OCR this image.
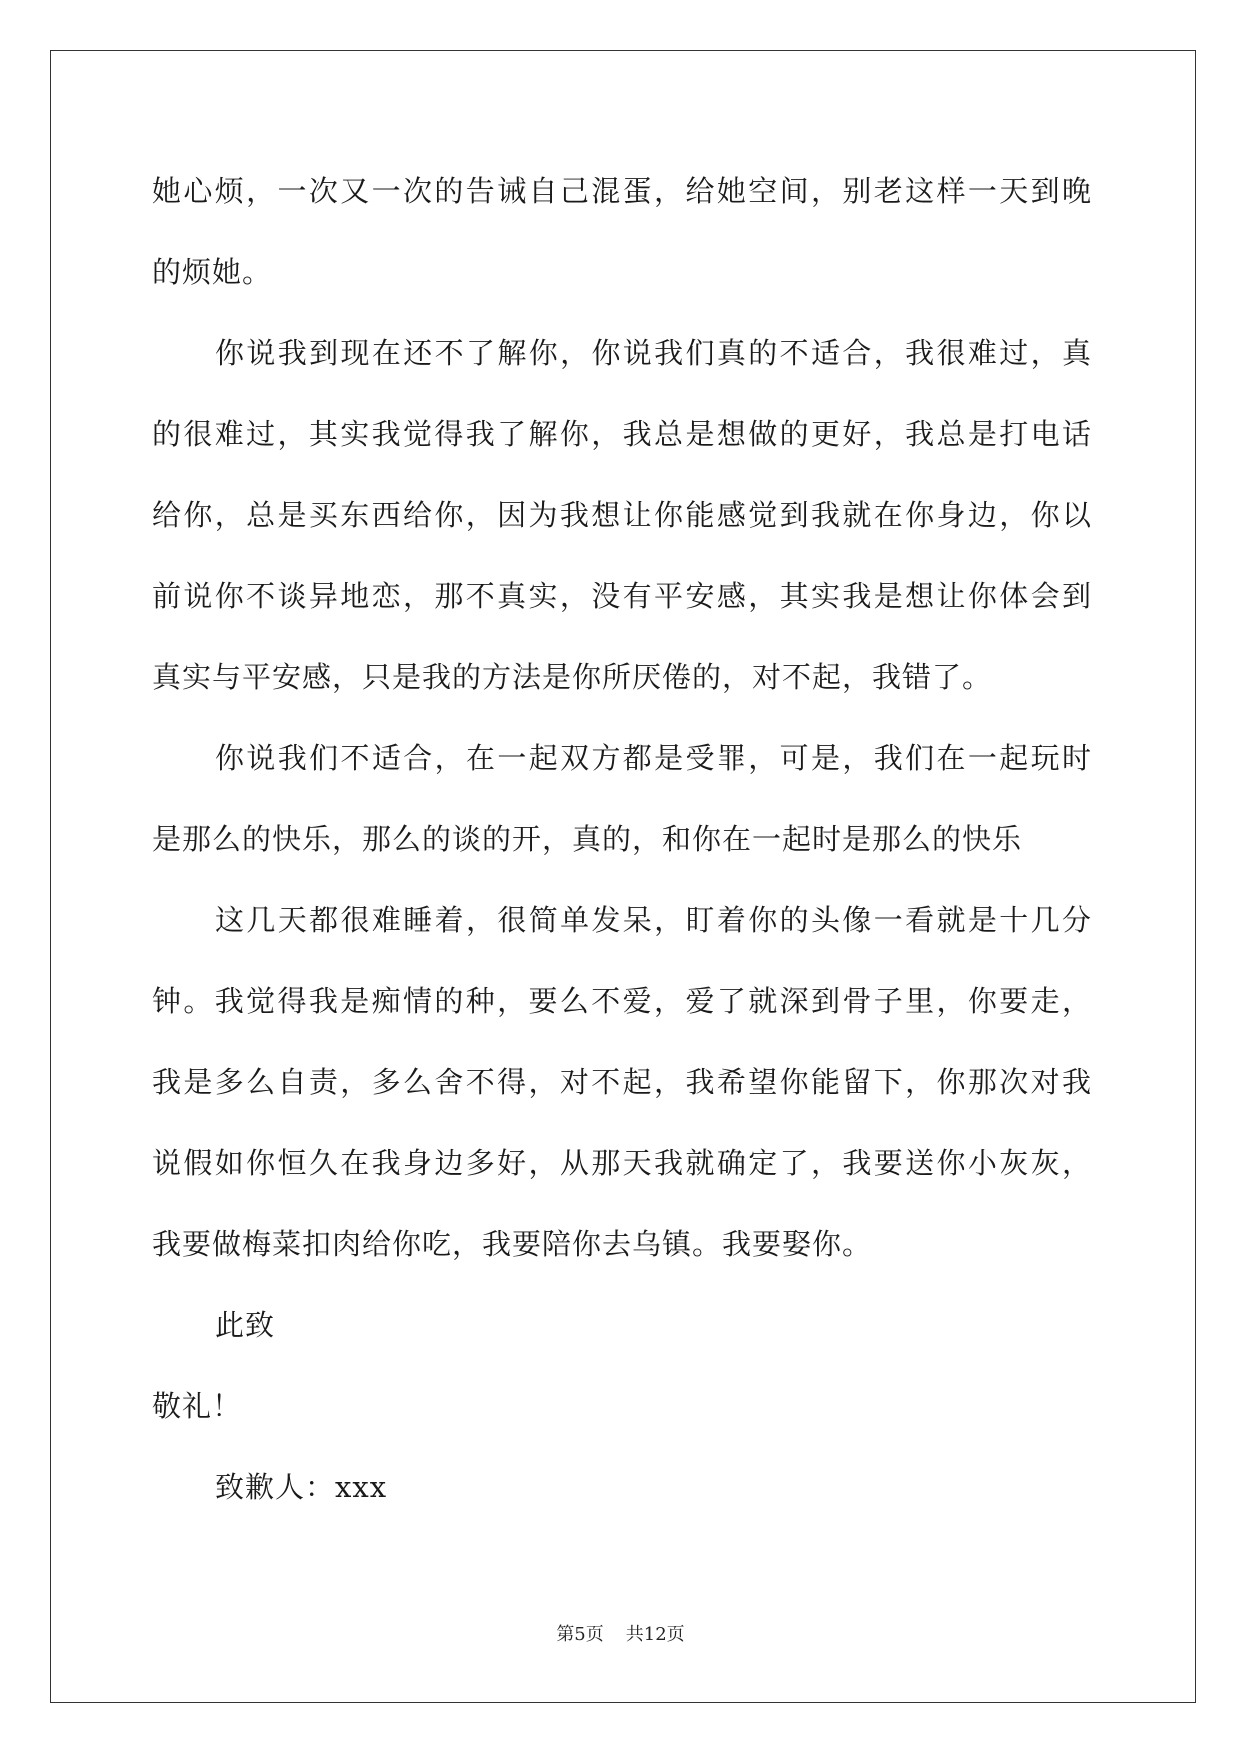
她心烦，一次又一次的告诫自己混蛋，给她空间，别老这样一天到晚
的烦她。
你说我到现在还不了解你，你说我们真的不适合，我很难过，真
的很难过，其实我觉得我了解你，我总是想做的更好，我总是打电话
给你，总是买东西给你，因为我想让你能感觉到我就在你身边，你以
前说你不谈异地恋，那不真实，没有平安感，其实我是想让你体会到
真实与平安感，只是我的方法是你所厌倦的，对不起，我错了。
你说我们不适合，在一起双方都是受罪，可是，我们在一起玩时
是那么的快乐，那么的谈的开，真的，和你在一起时是那么的快乐
这几天都很难睡着，很简单发呆，盯着你的头像一看就是十几分
钟。我觉得我是痴情的种，要么不爱，爱了就深到骨子里，你要走，
我是多么自责，多么舍不得，对不起，我希望你能留下，你那次对我
说假如你恒久在我身边多好，从那天我就确定了，我要送你小灰灰，
我要做梅菜扣肉给你吃，我要陪你去乌镇。我要娶你。
此致
敬礼！
致歉人：xxx
第5页 共12页
